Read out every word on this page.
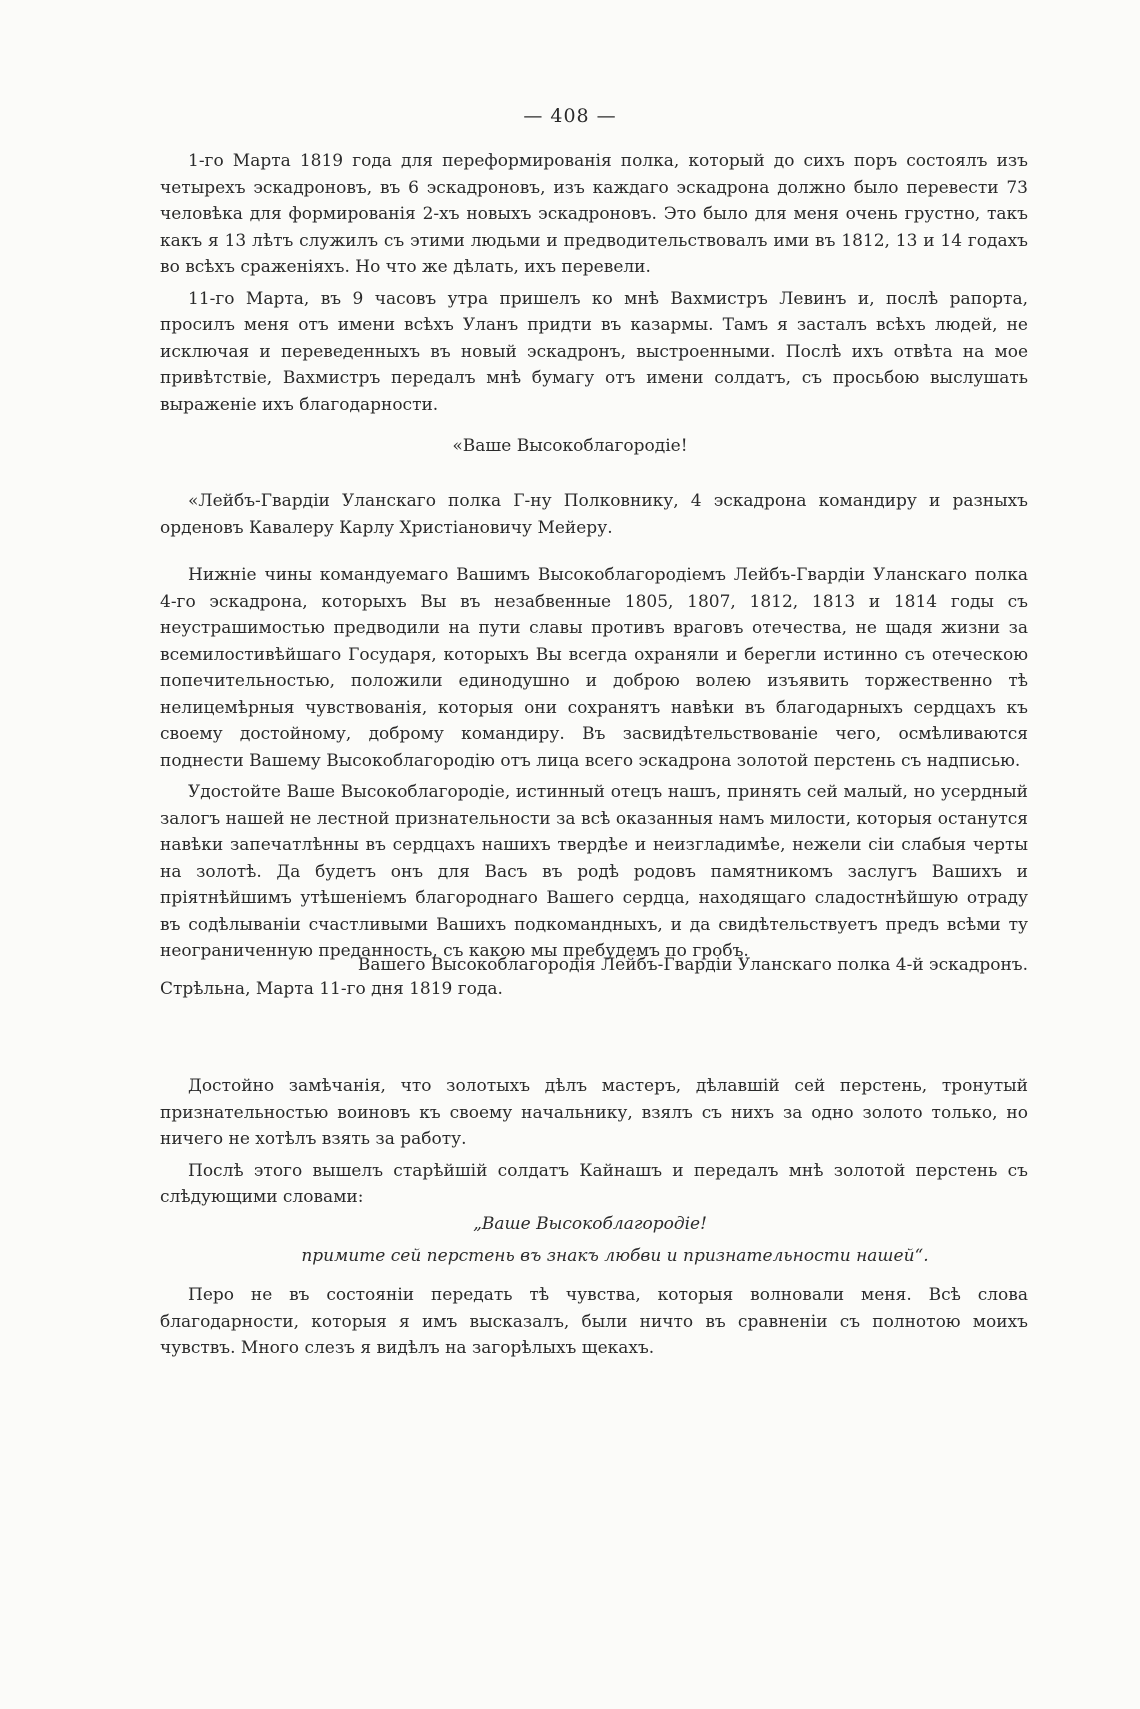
— 408 —

1-го Марта 1819 года для переформированія полка, который до сихъ поръ состоялъ изъ четырехъ эскадроновъ, въ 6 эскадроновъ, изъ каждаго эскадрона должно было перевести 73 человѣка для формированія 2-хъ новыхъ эскадроновъ. Это было для меня очень грустно, такъ какъ я 13 лѣтъ служилъ съ этими людьми и предводительствовалъ ими въ 1812, 13 и 14 годахъ во всѣхъ сраженіяхъ. Но что же дѣлать, ихъ перевели.

11-го Марта, въ 9 часовъ утра пришелъ ко мнѣ Вахмистръ Левинъ и, послѣ рапорта, просилъ меня отъ имени всѣхъ Уланъ придти въ казармы. Тамъ я засталъ всѣхъ людей, не исключая и переведенныхъ въ новый эскадронъ, выстроенными. Послѣ ихъ отвѣта на мое привѣтствіе, Вахмистръ передалъ мнѣ бумагу отъ имени солдатъ, съ просьбою выслушать выраженіе ихъ благодарности.

«Ваше Высокоблагородіе!

«Лейбъ-Гвардіи Уланскаго полка Г-ну Полковнику, 4 эскадрона командиру и разныхъ орденовъ Кавалеру Карлу Христіановичу Мейеру.

Нижніе чины командуемаго Вашимъ Высокоблагородіемъ Лейбъ-Гвардіи Уланскаго полка 4-го эскадрона, которыхъ Вы въ незабвенные 1805, 1807, 1812, 1813 и 1814 годы съ неустрашимостью предводили на пути славы противъ враговъ отечества, не щадя жизни за всемилостивѣйшаго Государя, которыхъ Вы всегда охраняли и берегли истинно съ отеческою попечительностью, положили единодушно и доброю волею изъявить торжественно тѣ нелицемѣрныя чувствованія, которыя они сохранятъ навѣки въ благодарныхъ сердцахъ къ своему достойному, доброму командиру. Въ засвидѣтельствованіе чего, осмѣливаются поднести Вашему Высокоблагородію отъ лица всего эскадрона золотой перстень съ надписью.

Удостойте Ваше Высокоблагородіе, истинный отецъ нашъ, принять сей малый, но усердный залогъ нашей не лестной признательности за всѣ оказанныя намъ милости, которыя останутся навѣки запечатлѣнны въ сердцахъ нашихъ твердѣе и неизгладимѣе, нежели сіи слабыя черты на золотѣ. Да будетъ онъ для Васъ въ родѣ родовъ памятникомъ заслугъ Вашихъ и пріятнѣйшимъ утѣшеніемъ благороднаго Вашего сердца, находящаго сладостнѣйшую отраду въ содѣлываніи счастливыми Вашихъ подкомандныхъ, и да свидѣтельствуетъ предъ всѣми ту неограниченную преданность, съ какою мы пребудемъ по гробъ.

Вашего Высокоблагородія Лейбъ-Гвардіи Уланскаго полка 4-й эскадронъ.
Стрѣльна, Марта 11-го дня 1819 года.

Достойно замѣчанія, что золотыхъ дѣлъ мастеръ, дѣлавшій сей перстень, тронутый признательностью воиновъ къ своему начальнику, взялъ съ нихъ за одно золото только, но ничего не хотѣлъ взять за работу.

Послѣ этого вышелъ старѣйшій солдатъ Кайнашъ и передалъ мнѣ золотой перстень съ слѣдующими словами:

„Ваше Высокоблагородіе!
примите сей перстень въ знакъ любви и признательности нашей“.

Перо не въ состояніи передать тѣ чувства, которыя волновали меня. Всѣ слова благодарности, которыя я имъ высказалъ, были ничто въ сравненіи съ полнотою моихъ чувствъ. Много слезъ я видѣлъ на загорѣлыхъ щекахъ.
